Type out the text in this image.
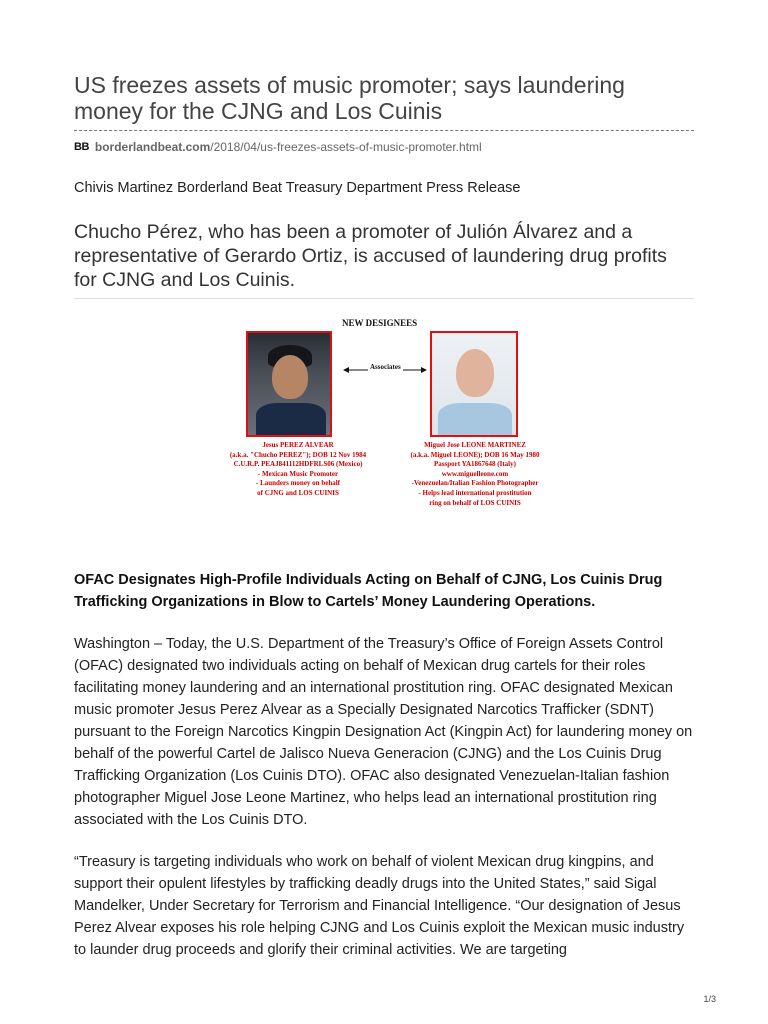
US freezes assets of music promoter; says laundering money for the CJNG and Los Cuinis
BB borderlandbeat.com /2018/04/us-freezes-assets-of-music-promoter.html
Chivis Martinez Borderland Beat Treasury Department Press Release
Chucho Pérez, who has been a promoter of Julión Álvarez and a representative of Gerardo Ortiz, is accused of laundering drug profits for CJNG and Los Cuinis.
NEW DESIGNEES
Associates
Jesus PEREZ ALVEAR
(a.k.a. "Chucho PEREZ"); DOB 12 Nov 1984
C.U.R.P. PEAJ841112HDFRLS06 (Mexico)
- Mexican Music Promoter
- Launders money on behalf
of CJNG and LOS CUINIS
Miguel Jose LEONE MARTINEZ
(a.k.a. Miguel LEONE); DOB 16 May 1980
Passport YA1867648 (Italy)
www.miguelleone.com
-Venezuelan/Italian Fashion Photographer
- Helps lead international prostitution
ring on behalf of LOS CUINIS
OFAC Designates High-Profile Individuals Acting on Behalf of CJNG, Los Cuinis Drug Trafficking Organizations in Blow to Cartels’ Money Laundering Operations.

Washington – Today, the U.S. Department of the Treasury’s Office of Foreign Assets Control (OFAC) designated two individuals acting on behalf of Mexican drug cartels for their roles facilitating money laundering and an international prostitution ring. OFAC designated Mexican music promoter Jesus Perez Alvear as a Specially Designated Narcotics Trafficker (SDNT) pursuant to the Foreign Narcotics Kingpin Designation Act (Kingpin Act) for laundering money on behalf of the powerful Cartel de Jalisco Nueva Generacion (CJNG) and the Los Cuinis Drug Trafficking Organization (Los Cuinis DTO). OFAC also designated Venezuelan-Italian fashion photographer Miguel Jose Leone Martinez, who helps lead an international prostitution ring associated with the Los Cuinis DTO.

“Treasury is targeting individuals who work on behalf of violent Mexican drug kingpins, and support their opulent lifestyles by trafficking deadly drugs into the United States,” said Sigal Mandelker, Under Secretary for Terrorism and Financial Intelligence. “Our designation of Jesus Perez Alvear exposes his role helping CJNG and Los Cuinis exploit the Mexican music industry to launder drug proceeds and glorify their criminal activities. We are targeting

1/3
